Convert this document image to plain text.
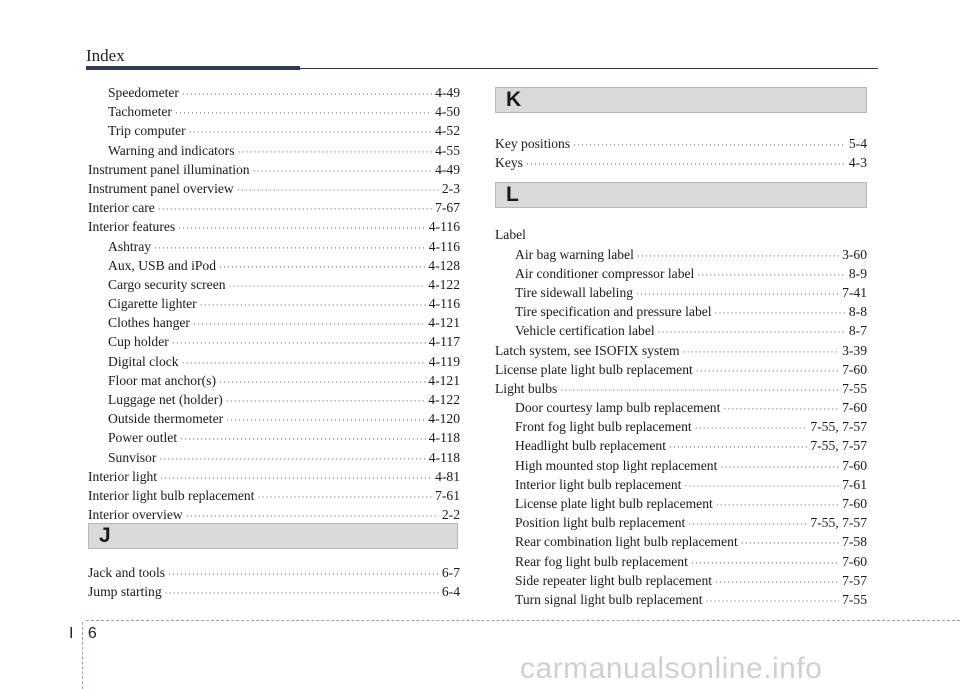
Index
Speedometer ·····	4-49
Tachometer ·····	4-50
Trip computer ·····	4-52
Warning and indicators ·····	4-55
Instrument panel illumination ·····	4-49
Instrument panel overview ·····	2-3
Interior care ·····	7-67
Interior features ·····	4-116
Ashtray ·····	4-116
Aux, USB and iPod ·····	4-128
Cargo security screen ·····	4-122
Cigarette lighter ·····	4-116
Clothes hanger ·····	4-121
Cup holder ·····	4-117
Digital clock ·····	4-119
Floor mat anchor(s) ·····	4-121
Luggage net (holder) ·····	4-122
Outside thermometer ·····	4-120
Power outlet ·····	4-118
Sunvisor ·····	4-118
Interior light ·····	4-81
Interior light bulb replacement ·····	7-61
Interior overview ·····	2-2
J
Jack and tools ·····	6-7
Jump starting ·····	6-4
K
Key positions ·····	5-4
Keys ·····	4-3
L
Label
Air bag warning label ·····	3-60
Air conditioner compressor label ·····	8-9
Tire sidewall labeling ·····	7-41
Tire specification and pressure label ·····	8-8
Vehicle certification label ·····	8-7
Latch system, see ISOFIX system ·····	3-39
License plate light bulb replacement ·····	7-60
Light bulbs ·····	7-55
Door courtesy lamp bulb replacement ·····	7-60
Front fog light bulb replacement ·····	7-55, 7-57
Headlight bulb replacement ·····	7-55, 7-57
High mounted stop light replacement ·····	7-60
Interior light bulb replacement ·····	7-61
License plate light bulb replacement ·····	7-60
Position light bulb replacement ·····	7-55, 7-57
Rear combination light bulb replacement ·····	7-58
Rear fog light bulb replacement ·····	7-60
Side repeater light bulb replacement ·····	7-57
Turn signal light bulb replacement ·····	7-55
I 6
carmanualsonline.info
